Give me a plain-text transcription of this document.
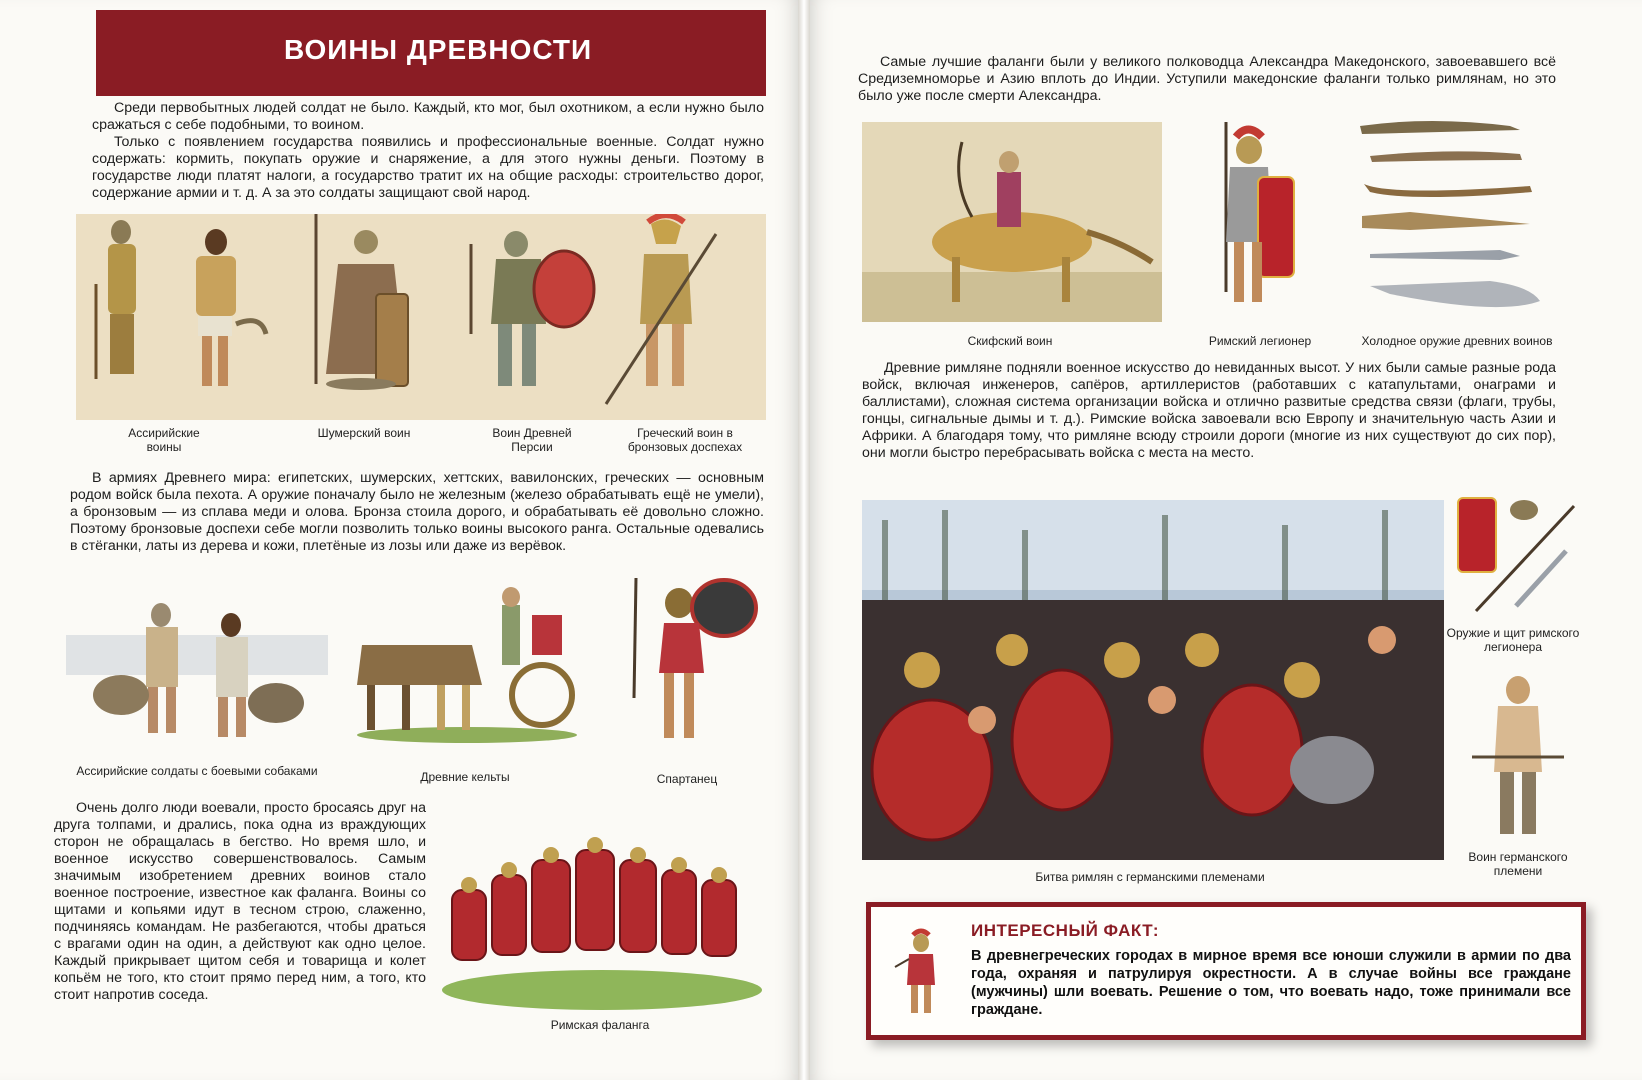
ВОИНЫ ДРЕВНОСТИ

Среди первобытных людей солдат не было. Каждый, кто мог, был охотником, а если нужно было сражаться с себе подобными, то воином.

Только с появлением государства появились и профессиональные военные. Солдат нужно содержать: кормить, покупать оружие и снаряжение, а для этого нужны деньги. Поэтому в государстве люди платят налоги, а государство тратит их на общие расходы: строительство дорог, содержание армии и т. д. А за это солдаты защищают свой народ.

Ассирийские воины
Шумерский воин	Воин Древней Персии
Греческий воин в бронзовых доспехах

В армиях Древнего мира: египетских, шумерских, хеттских, вавилонских, греческих — основным родом войск была пехота. А оружие поначалу было не железным (железо обрабатывать ещё не умели), а бронзовым — из сплава меди и олова. Бронза стоила дорого, и обрабатывать её довольно сложно. Поэтому бронзовые доспехи себе могли позволить только воины высокого ранга. Остальные одевались в стёганки, латы из дерева и кожи, плетёные из лозы или даже из верёвок.

Ассирийские солдаты с боевыми собаками	Древние кельты	Спартанец

Очень долго люди воевали, просто бросаясь друг на друга толпами, и дрались, пока одна из враждующих сторон не обращалась в бегство. Но время шло, и военное искусство совершенствовалось. Самым значимым изобретением древних воинов стало военное построение, известное как фаланга. Воины со щитами и копьями идут в тесном строю, слаженно, подчиняясь командам. Не разбегаются, чтобы драться с врагами один на один, а действуют как одно целое. Каждый прикрывает щитом себя и товарища и колет копьём не того, кто стоит прямо перед ним, а того, кто стоит напротив соседа.

Римская фаланга

Самые лучшие фаланги были у великого полководца Александра Македонского, завоевавшего всё Средиземноморье и Азию вплоть до Индии. Уступили македонские фаланги только римлянам, но это было уже после смерти Александра.

Скифский воин	Римский легионер	Холодное оружие древних воинов

Древние римляне подняли военное искусство до невиданных высот. У них были самые разные рода войск, включая инженеров, сапёров, артиллеристов (работавших с катапультами, онаграми и баллистами), сложная система организации войска и отлично развитые средства связи (флаги, трубы, гонцы, сигнальные дымы и т. д.). Римские войска завоевали всю Европу и значительную часть Азии и Африки. А благодаря тому, что римляне всюду строили дороги (многие из них существуют до сих пор), они могли быстро перебрасывать войска с места на место.

Битва римлян с германскими племенами
Оружие и щит римского легионера
Воин германского племени
ИНТЕРЕСНЫЙ ФАКТ:
В древнегреческих городах в мирное время все юноши служили в армии по два года, охраняя и патрулируя окрестности. А в случае войны все граждане (мужчины) шли воевать. Решение о том, что воевать надо, тоже принимали все граждане.
